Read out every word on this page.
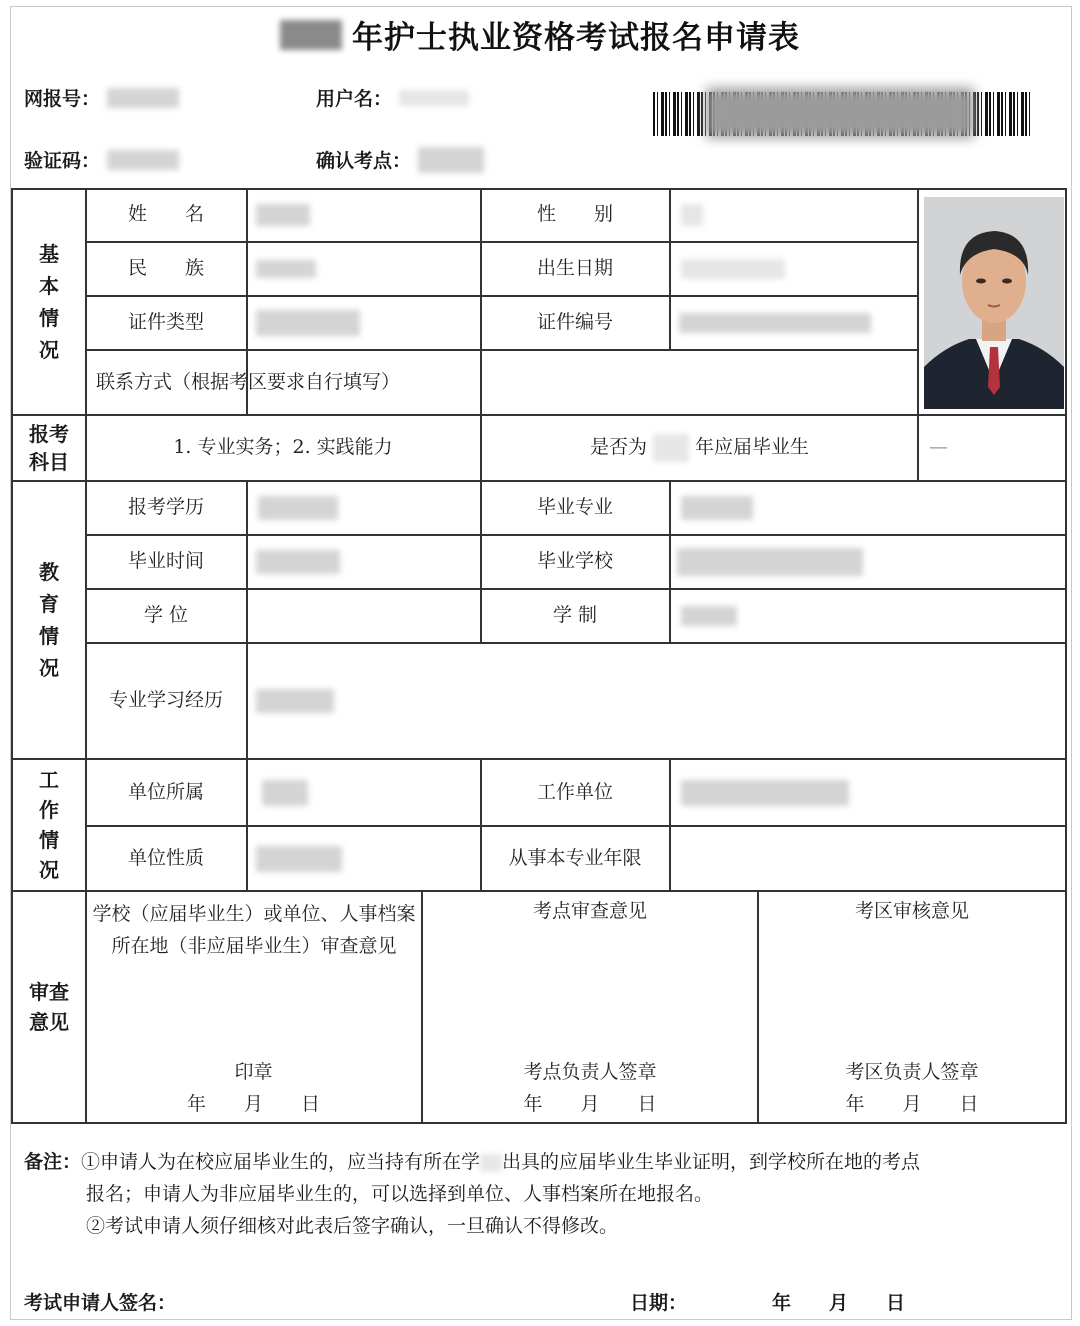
年护士执业资格考试报名申请表
网报号：	用户名：
验证码：	确认考点：
基
本
情
况
姓　　名	性　　别
民　　族	出生日期
证件类型	证件编号
联系方式（根据考区要求自行填写）
报考
科目
1. 专业实务；2. 实践能力	是否为	年应届毕业生	—
教
育
情
况
报考学历	毕业专业
毕业时间	毕业学校
学 位	学 制
专业学习经历
工
作
情
况
单位所属	工作单位
单位性质	从事本专业年限
审查
意见
学校（应届毕业生）或单位、人事档案所在地（非应届毕业生）审查意见
印章
年　　月　　日
考点审查意见
考点负责人签章
年　　月　　日
考区审核意见
考区负责人签章
年　　月　　日
备注：①申请人为在校应届毕业生的，应当持有所在学 出具的应届毕业生毕业证明，到学校所在地的考点
报名；申请人为非应届毕业生的，可以选择到单位、人事档案所在地报名。
②考试申请人须仔细核对此表后签字确认，一旦确认不得修改。
考试申请人签名：	日期：	年　　月　　日
